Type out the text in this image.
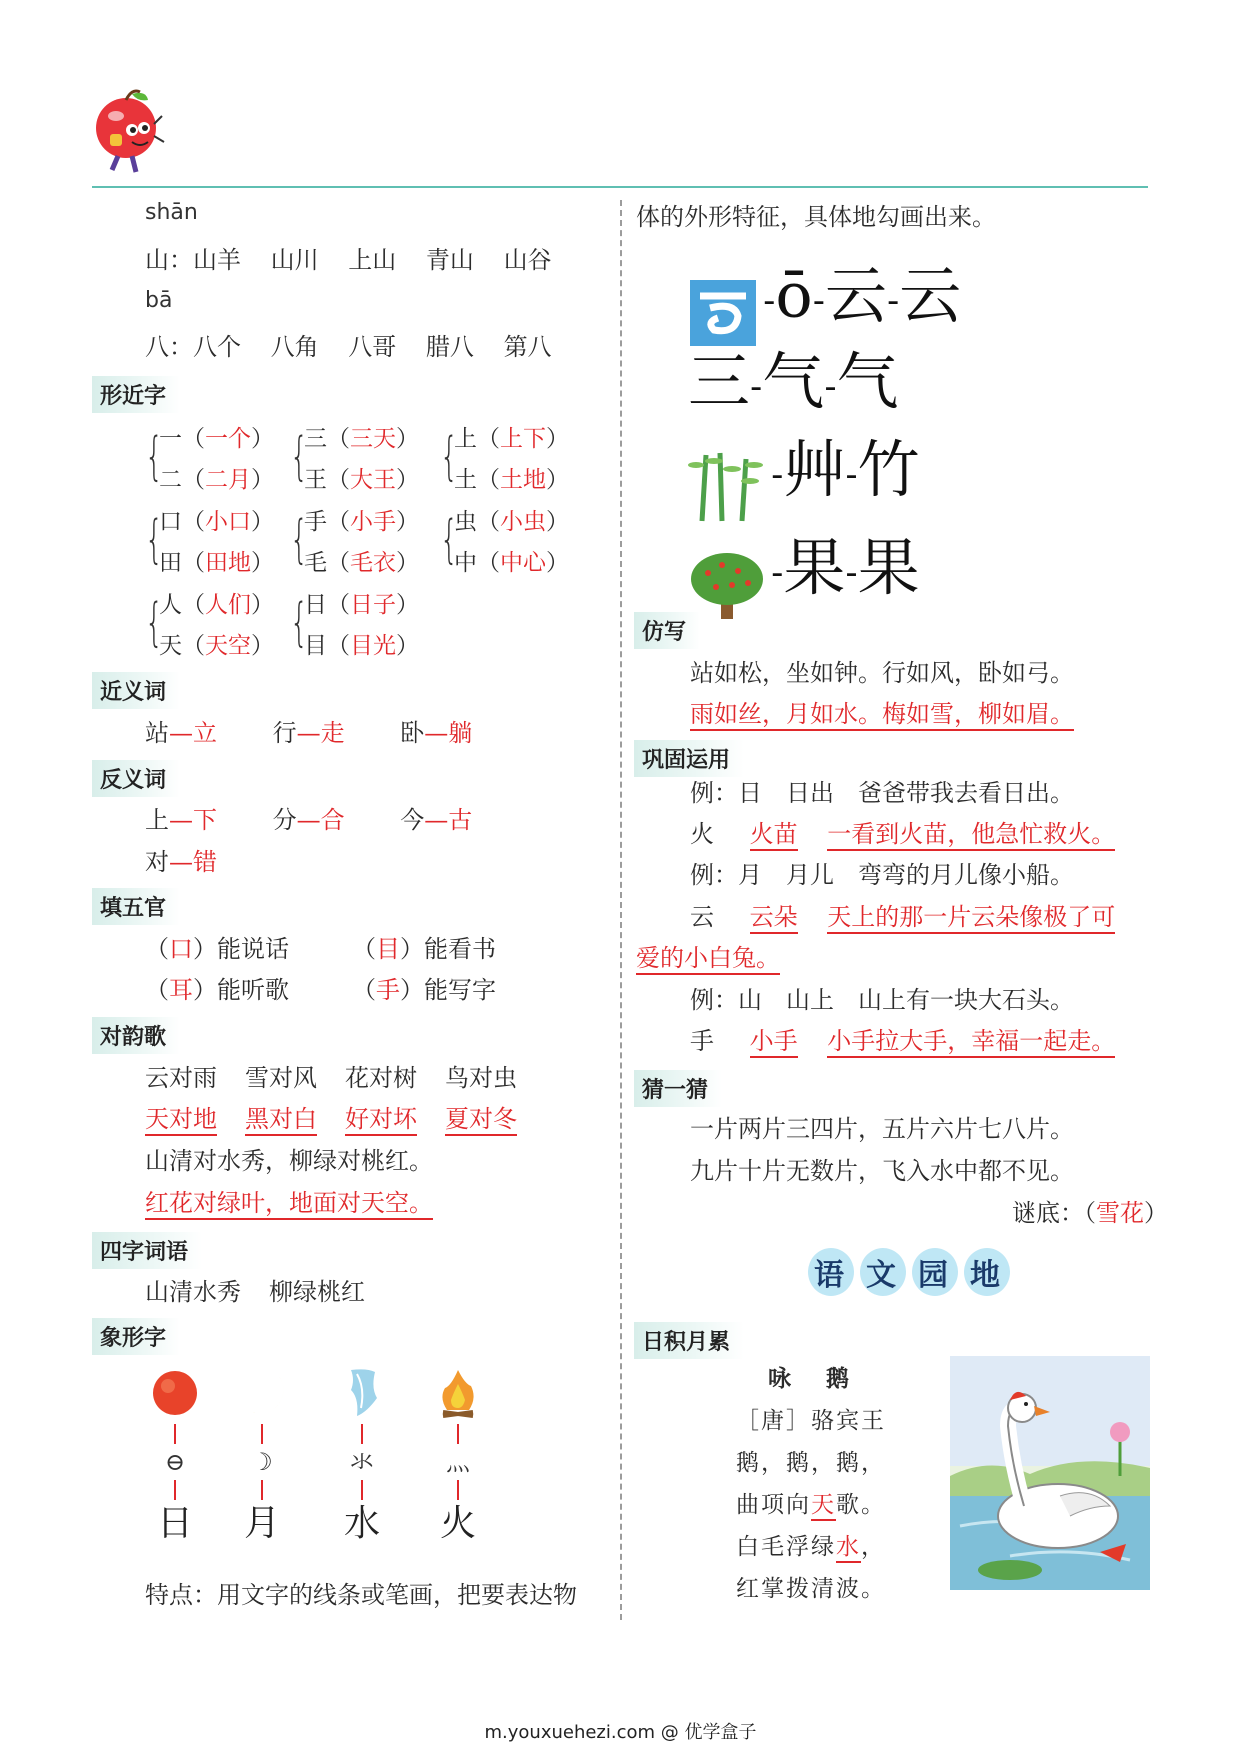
shān
山：山羊 山川 上山 青山 山谷
bā
八：八个 八角 八哥 腊八 第八
形近字
{
一（一个）
二（二月） {
三（三天）
王（大王） {
上（上下）
土（土地）
{
口（小口）
田（田地） {
手（小手）
毛（毛衣） {
虫（小虫）
中（中心）
{
人（人们）
天（天空） {
日（日子）
目（目光）
近义词
站—立 行—走 卧—躺
反义词
上—下 分—合 今—古
对—错
填五官
（口）能说话	（目）能看书
（耳）能听歌	（手）能写字
对韵歌
云对雨 雪对风 花对树 鸟对虫
天对地 黑对白 好对坏 夏对冬
山清对水秀，柳绿对桃红。
红花对绿叶，地面对天空。
四字词语
山清水秀 柳绿桃红
象形字
⊖
日
☽
月
氺
水
灬
火
特点：用文字的线条或笔画，把要表达物
体的外形特征，具体地勾画出来。
-ō-云-云
三-气-气
-艸-竹
-果-果
仿写
站如松，坐如钟。行如风，卧如弓。
雨如丝，月如水。梅如雪，柳如眉。
巩固运用
例：日　日出　爸爸带我去看日出。
火 火苗 一看到火苗，他急忙救火。
例：月　月儿　弯弯的月儿像小船。
云 云朵 天上的那一片云朵像极了可
爱的小白兔。
例：山　山上　山上有一块大石头。
手 小手 小手拉大手，幸福一起走。
猜一猜
一片两片三四片，五片六片七八片。
九片十片无数片，飞入水中都不见。
谜底：（雪花）
语 文 园 地
日积月累
咏　鹅
［唐］骆宾王
鹅，鹅，鹅，
曲项向天歌。
白毛浮绿水，
红掌拨清波。
m.youxuehezi.com @ 优学盒子
